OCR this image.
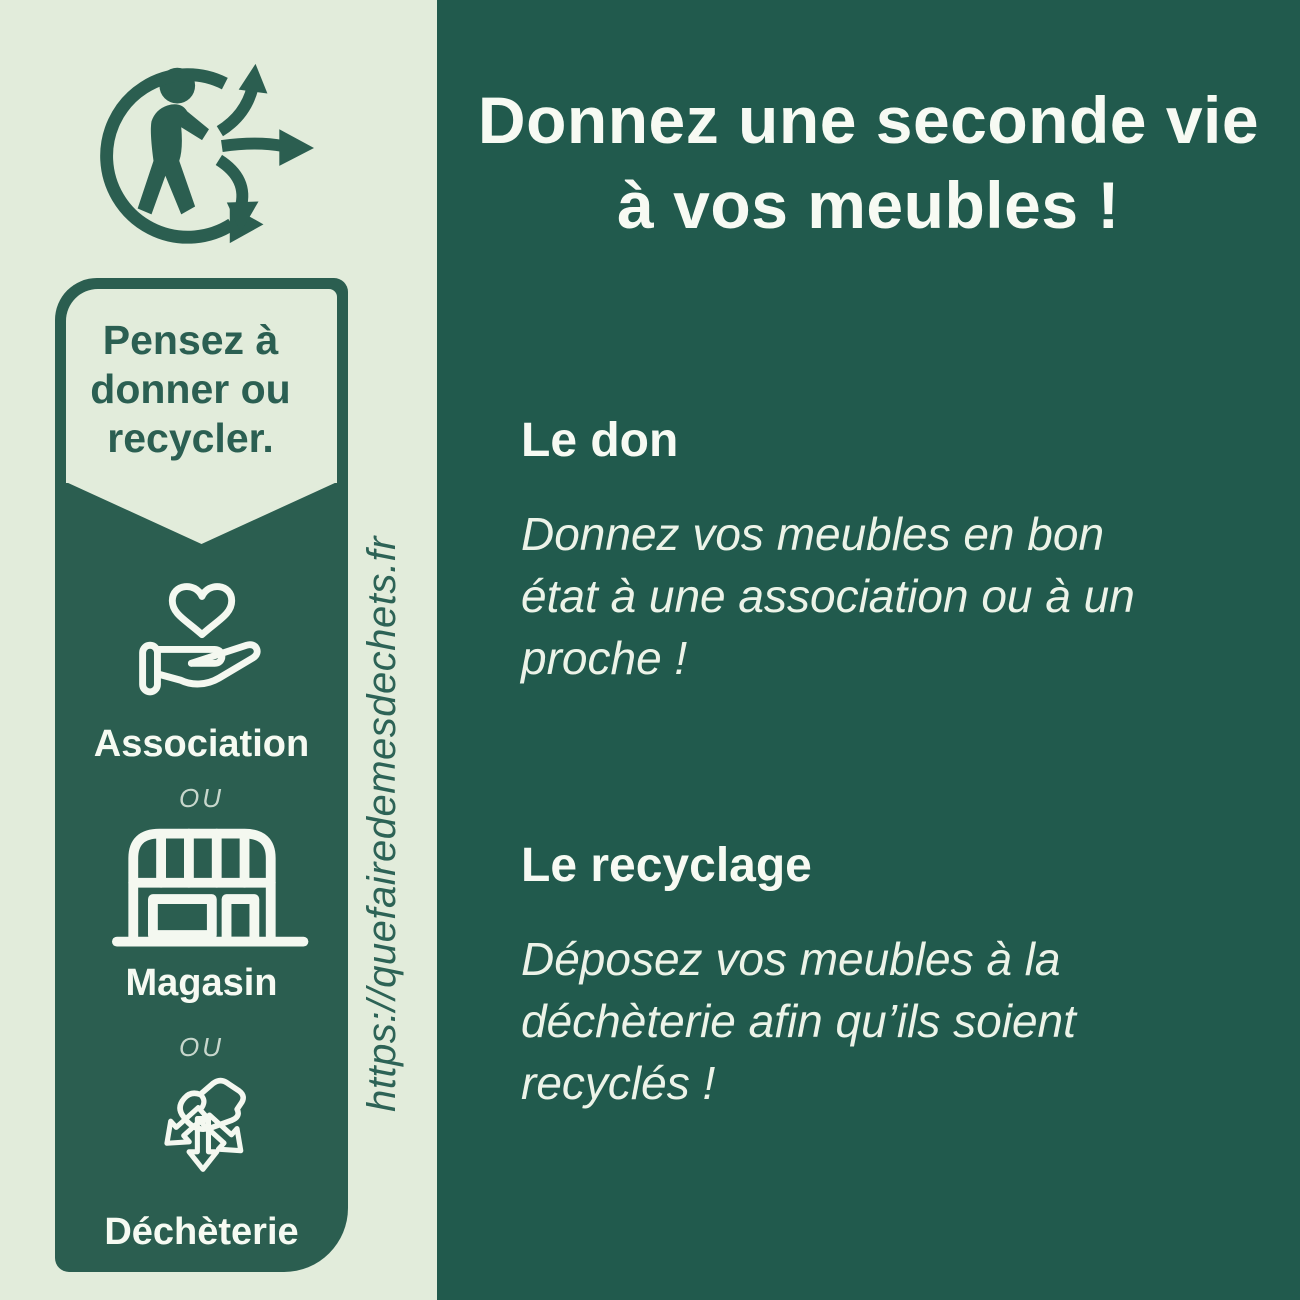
Pensez à
donner ou
recycler.
Association
OU
Magasin
OU
Déchèterie
https://quefairedemesdechets.fr
Donnez une seconde vie
à vos meubles !
Le don

Donnez vos meubles en bon
état à une association ou à un
proche !

Le recyclage

Déposez vos meubles à la
déchèterie afin qu’ils soient
recyclés !
